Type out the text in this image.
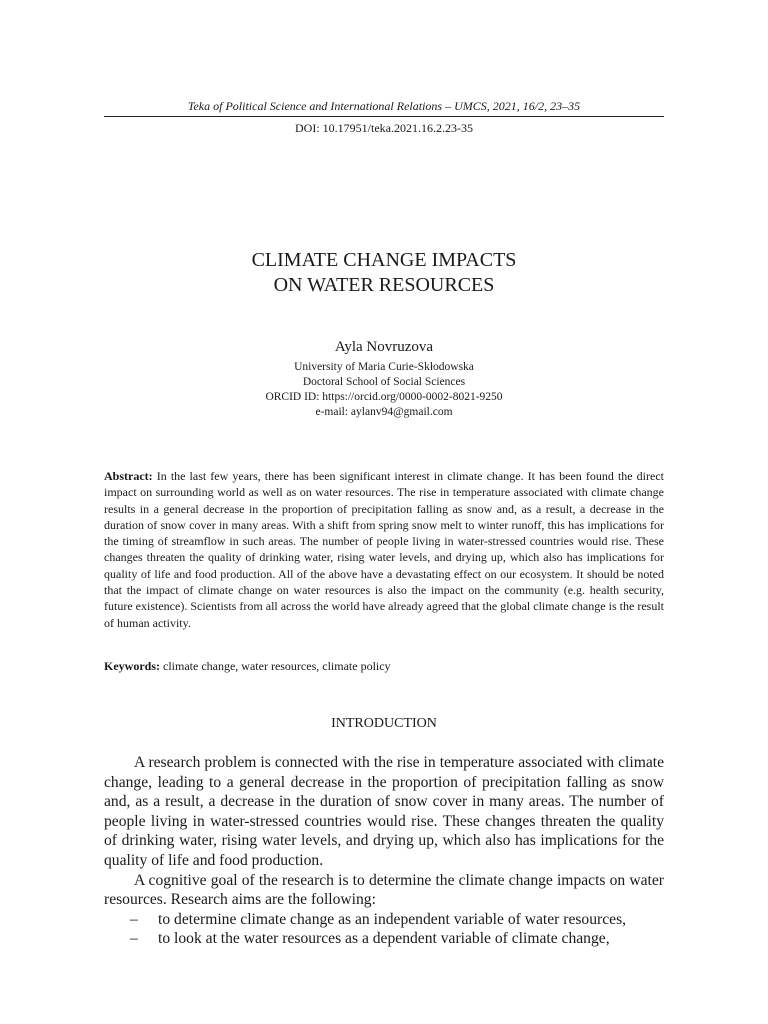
Teka of Political Science and International Relations – UMCS, 2021, 16/2, 23–35
DOI: 10.17951/teka.2021.16.2.23-35
CLIMATE CHANGE IMPACTS
ON WATER RESOURCES
Ayla Novruzova
University of Maria Curie-Skłodowska
Doctoral School of Social Sciences
ORCID ID: https://orcid.org/0000-0002-8021-9250
e-mail: aylanv94@gmail.com
Abstract: In the last few years, there has been significant interest in climate change. It has been found the direct impact on surrounding world as well as on water resources. The rise in temperature associated with climate change results in a general decrease in the proportion of precipitation falling as snow and, as a result, a decrease in the duration of snow cover in many areas. With a shift from spring snow melt to winter runoff, this has implications for the timing of streamflow in such areas. The number of people living in water-stressed countries would rise. These changes threaten the quality of drinking water, rising water levels, and drying up, which also has implications for quality of life and food production. All of the above have a devastating effect on our ecosystem. It should be noted that the impact of climate change on water resources is also the impact on the community (e.g. health security, future existence). Scientists from all across the world have already agreed that the global climate change is the result of human activity.
Keywords: climate change, water resources, climate policy
INTRODUCTION

A research problem is connected with the rise in temperature associated with climate change, leading to a general decrease in the proportion of precipitation falling as snow and, as a result, a decrease in the duration of snow cover in many areas. The number of people living in water-stressed countries would rise. These changes threaten the quality of drinking water, rising water levels, and drying up, which also has implications for the quality of life and food production.

A cognitive goal of the research is to determine the climate change impacts on water resources. Research aims are the following:

– to determine climate change as an independent variable of water resources,
– to look at the water resources as a dependent variable of climate change,
